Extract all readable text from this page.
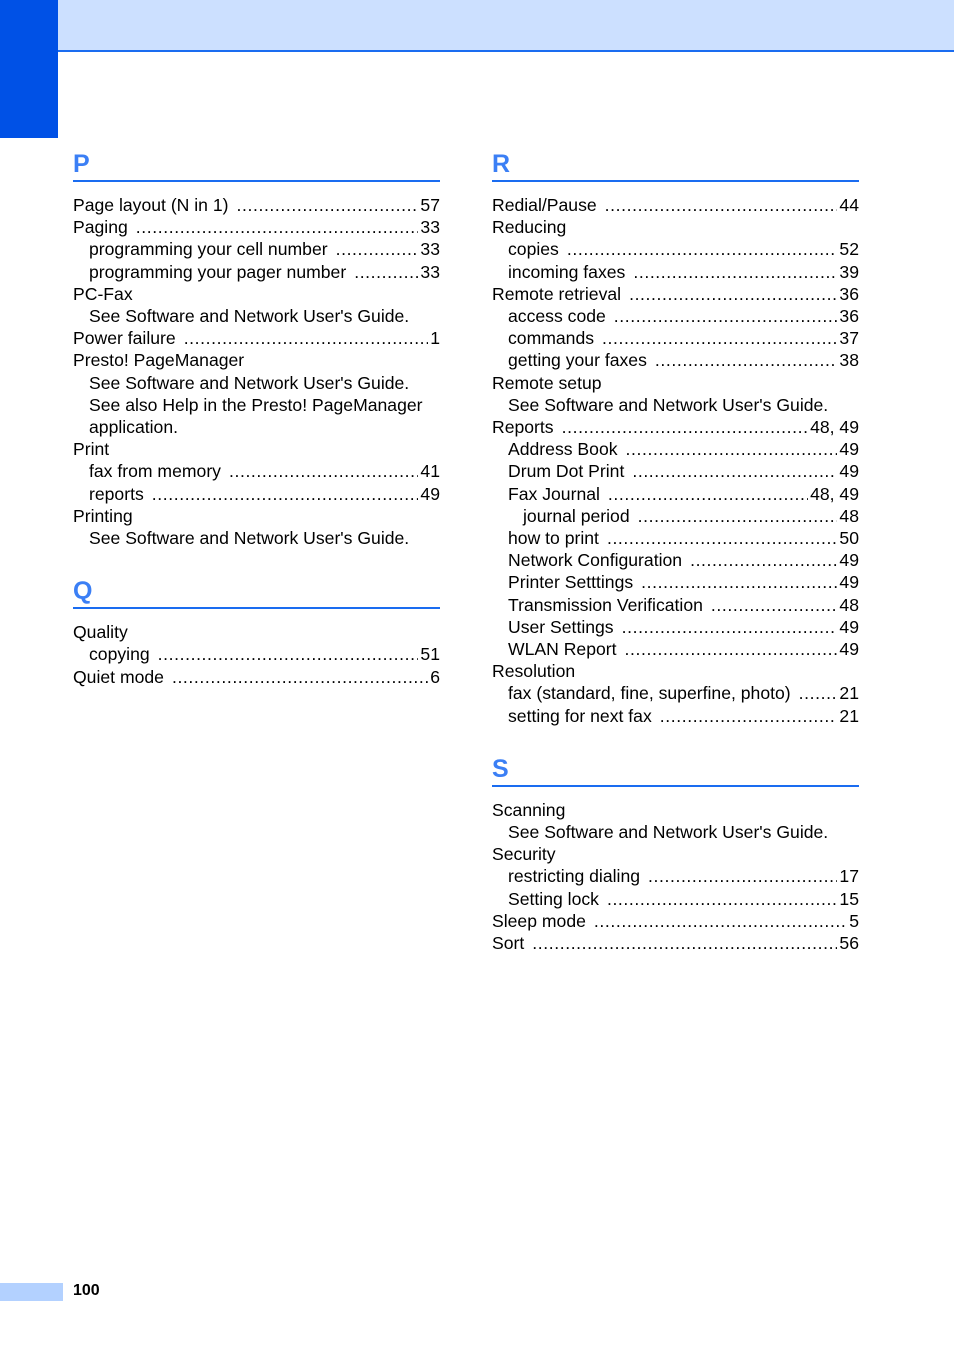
P
Page layout (N in 1) .....	57
Paging .....	33
programming your cell number .....	33
programming your pager number .....	33
PC-Fax
See Software and Network User's Guide.
Power failure .....	1
Presto! PageManager
See Software and Network User's Guide.
See also Help in the Presto! PageManager
application.
Print
fax from memory .....	41
reports .....	49
Printing
See Software and Network User's Guide.
Q
Quality
copying .....	51
Quiet mode .....	6
R
Redial/Pause .....	44
Reducing
copies .....	52
incoming faxes .....	39
Remote retrieval .....	36
access code .....	36
commands .....	37
getting your faxes .....	38
Remote setup
See Software and Network User's Guide.
Reports .....	48, 49
Address Book .....	49
Drum Dot Print .....	49
Fax Journal .....	48, 49
journal period .....	48
how to print .....	50
Network Configuration .....	49
Printer Setttings .....	49
Transmission Verification .....	48
User Settings .....	49
WLAN Report .....	49
Resolution
fax (standard, fine, superfine, photo) .....	21
setting for next fax .....	21
S
Scanning
See Software and Network User's Guide.
Security
restricting dialing .....	17
Setting lock .....	15
Sleep mode .....	5
Sort .....	56
100
